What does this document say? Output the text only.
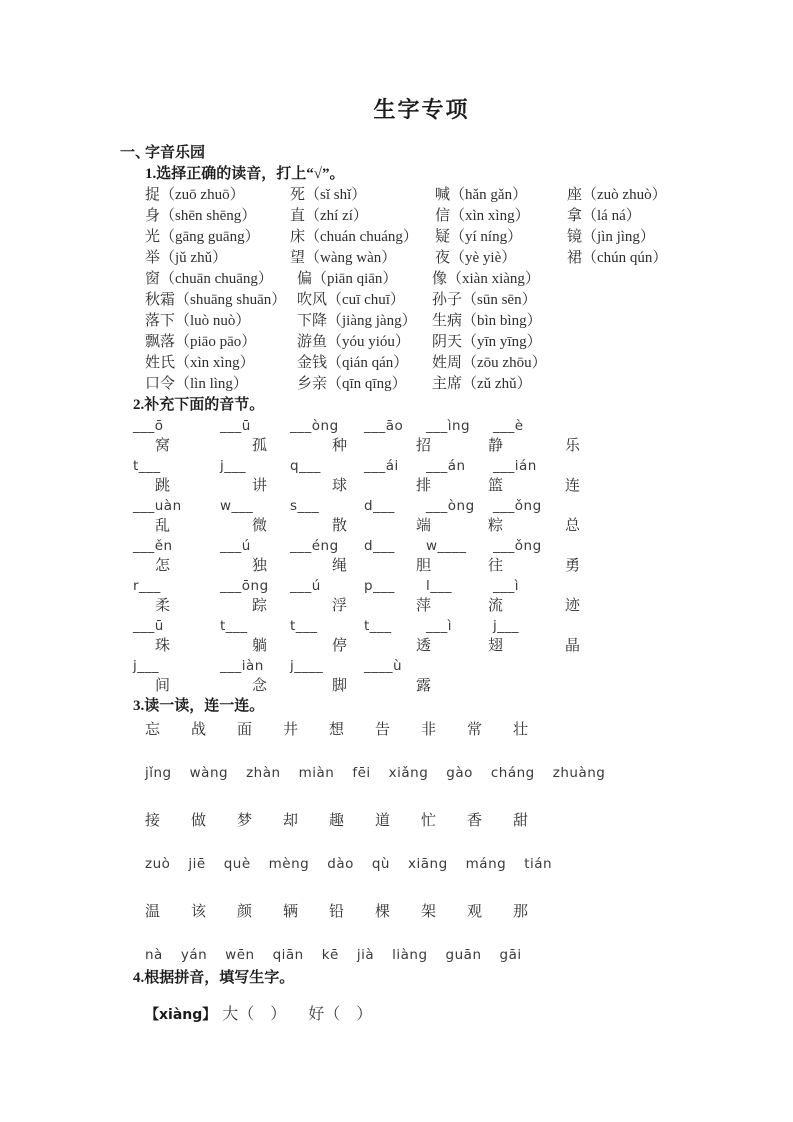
生字专项
一、
字音乐园
1.选择正确的读音，打上“√”。
捉（zuō zhuō）	死（sǐ shǐ）	喊（hǎn gǎn）	座（zuò zhuò）
身（shēn shēng）	直（zhí zí）	信（xìn xìng）	拿（lá ná）
光（gāng guāng）	床（chuán chuáng）	疑（yí níng）	镜（jìn jìng）
举（jǔ zhǔ）	望（wàng wàn）	夜（yè yiè）	裙（chún qún）
窗（chuān chuāng）	偏（piān qiān）	像（xiàn xiàng）
秋霜（shuāng shuān） 吹风（cuī chuī）	孙子（sūn sēn）
落下（luò nuò）	下降（jiàng jàng）	生病（bìn bìng）
飘落（piāo pāo）	游鱼（yóu yióu）	阴天（yīn yīng）
姓氏（xìn xìng）	金钱（qián qán）	姓周（zōu zhōu）
口令（lìn lìng）	乡亲（qīn qīng）	主席（zǔ zhǔ）
2.补充下面的音节。
___ō	___ū	___òng	___āo	___ìng	___è
窝	孤	种	招	静	乐
t___	j___	q___	___ái	___án	___ián
跳	讲	球	排	篮	连
___uàn	w___	s___	d___	___òng	___ǒng
乱	微	散	端	粽	总
___ěn	___ú	___éng	d___	w____	___ǒng
怎	独	绳	胆	往	勇
r___	___ōng	___ú	p___	l___	___ì
柔	踪	浮	萍	流	迹
___ū	t___	t___	t___	___ì	j___
珠	躺	停	透	翅	晶
j___	___iàn	j____	____ù
间	念	脚	露
3.读一读，连一连。
忘	战	面	井	想	告	非	常	壮
jǐng wàng zhàn miàn fēi xiǎng gào cháng zhuàng
接	做	梦	却	趣	道	忙	香	甜
zuò jiē què mèng dào qù xiāng máng tián
温	该	颜	辆	铅	棵	架	观	那
nà yán wēn qiān kē jià liàng guān gāi
4.根据拼音，填写生字。
【xiàng】 大（　） 好（　）
